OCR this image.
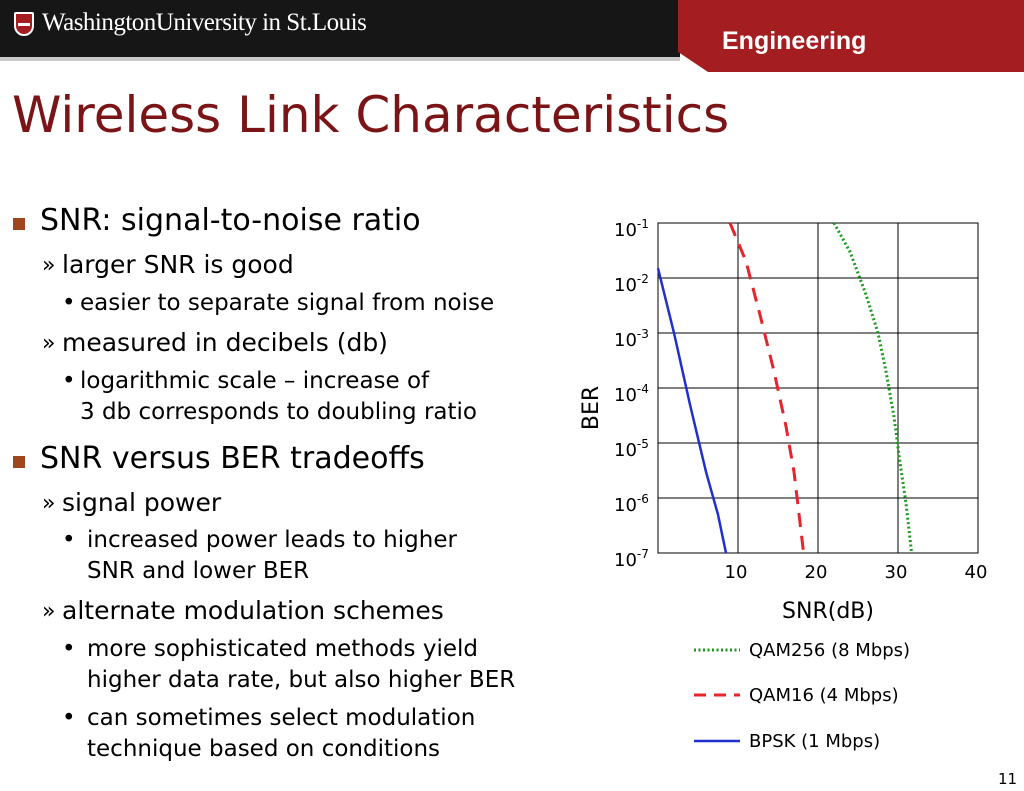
WashingtonUniversity in St.Louis
Engineering
Wireless Link Characteristics
SNR: signal-to-noise ratio
» larger SNR is good
• easier to separate signal from noise
» measured in decibels (db)
• logarithmic scale – increase of
3 db corresponds to doubling ratio
SNR versus BER tradeoffs
» signal power
• increased power leads to higher
SNR and lower BER
» alternate modulation schemes
• more sophisticated methods yield
higher data rate, but also higher BER
• can sometimes select modulation
technique based on conditions
10	20	30	40
$10^{-1}$
$10^{-2}$
$10^{-3}$
$10^{-4}$
$10^{-5}$
$10^{-6}$
$10^{-7}$
BER
SNR(dB)
QAM256 (8 Mbps)
QAM16 (4 Mbps)
BPSK (1 Mbps)
11
